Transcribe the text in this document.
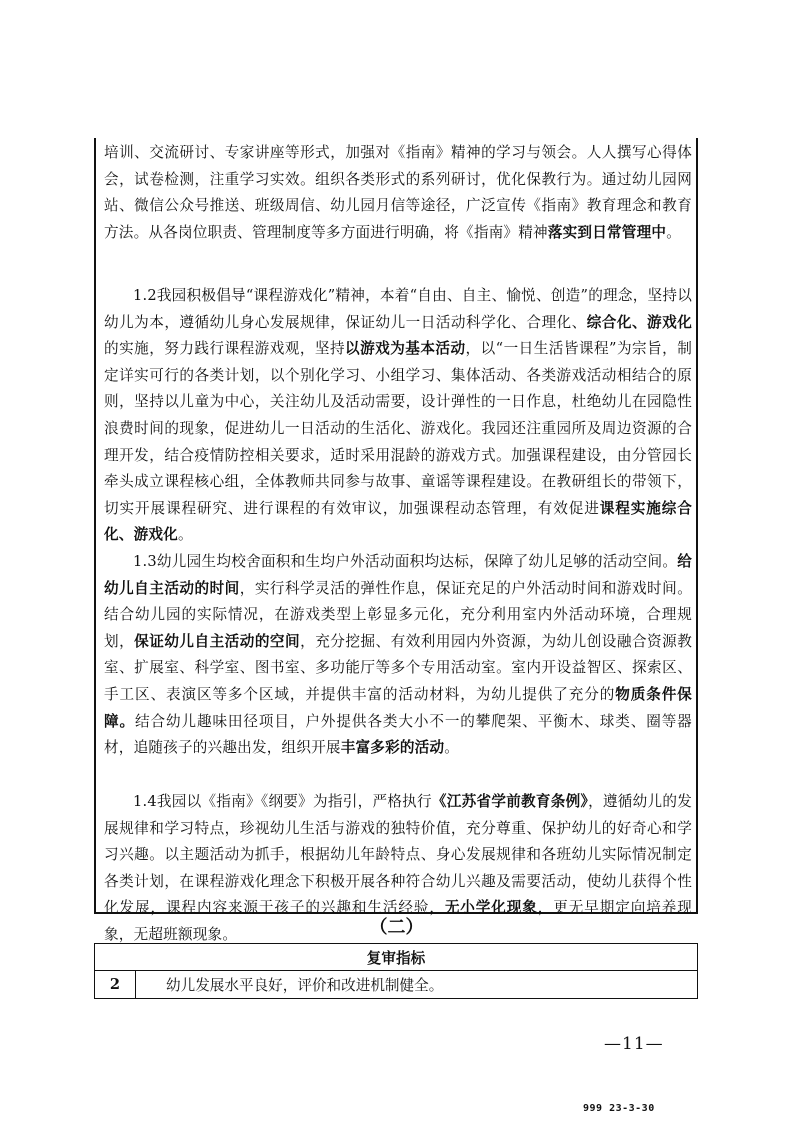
培训、交流研讨、专家讲座等形式，加强对《指南》精神的学习与领会。人人撰写心得体会，试卷检测，注重学习实效。组织各类形式的系列研讨，优化保教行为。通过幼儿园网站、微信公众号推送、班级周信、幼儿园月信等途径，广泛宣传《指南》教育理念和教育方法。从各岗位职责、管理制度等多方面进行明确，将《指南》精神落实到日常管理中。

1.2我园积极倡导“课程游戏化”精神，本着“自由、自主、愉悦、创造”的理念，坚持以幼儿为本，遵循幼儿身心发展规律，保证幼儿一日活动科学化、合理化、综合化、游戏化的实施，努力践行课程游戏观，坚持以游戏为基本活动，以“一日生活皆课程”为宗旨，制定详实可行的各类计划，以个别化学习、小组学习、集体活动、各类游戏活动相结合的原则，坚持以儿童为中心，关注幼儿及活动需要，设计弹性的一日作息，杜绝幼儿在园隐性浪费时间的现象，促进幼儿一日活动的生活化、游戏化。我园还注重园所及周边资源的合理开发，结合疫情防控相关要求，适时采用混龄的游戏方式。加强课程建设，由分管园长牵头成立课程核心组，全体教师共同参与故事、童谣等课程建设。在教研组长的带领下，切实开展课程研究、进行课程的有效审议，加强课程动态管理，有效促进课程实施综合化、游戏化。

1.3幼儿园生均校舍面积和生均户外活动面积均达标，保障了幼儿足够的活动空间。给幼儿自主活动的时间，实行科学灵活的弹性作息，保证充足的户外活动时间和游戏时间。结合幼儿园的实际情况，在游戏类型上彰显多元化，充分利用室内外活动环境，合理规划，保证幼儿自主活动的空间，充分挖掘、有效利用园内外资源，为幼儿创设融合资源教室、扩展室、科学室、图书室、多功能厅等多个专用活动室。室内开设益智区、探索区、手工区、表演区等多个区域，并提供丰富的活动材料，为幼儿提供了充分的物质条件保障。结合幼儿趣味田径项目，户外提供各类大小不一的攀爬架、平衡木、球类、圈等器材，追随孩子的兴趣出发，组织开展丰富多彩的活动。

1.4我园以《指南》《纲要》为指引，严格执行《江苏省学前教育条例》，遵循幼儿的发展规律和学习特点，珍视幼儿生活与游戏的独特价值，充分尊重、保护幼儿的好奇心和学习兴趣。以主题活动为抓手，根据幼儿年龄特点、身心发展规律和各班幼儿实际情况制定各类计划，在课程游戏化理念下积极开展各种符合幼儿兴趣及需要活动，使幼儿获得个性化发展，课程内容来源于孩子的兴趣和生活经验，无小学化现象，更无早期定向培养现象，无超班额现象。	（二）
复审指标
2	幼儿发展水平良好，评价和改进机制健全。
—11—
999 23-3-30
